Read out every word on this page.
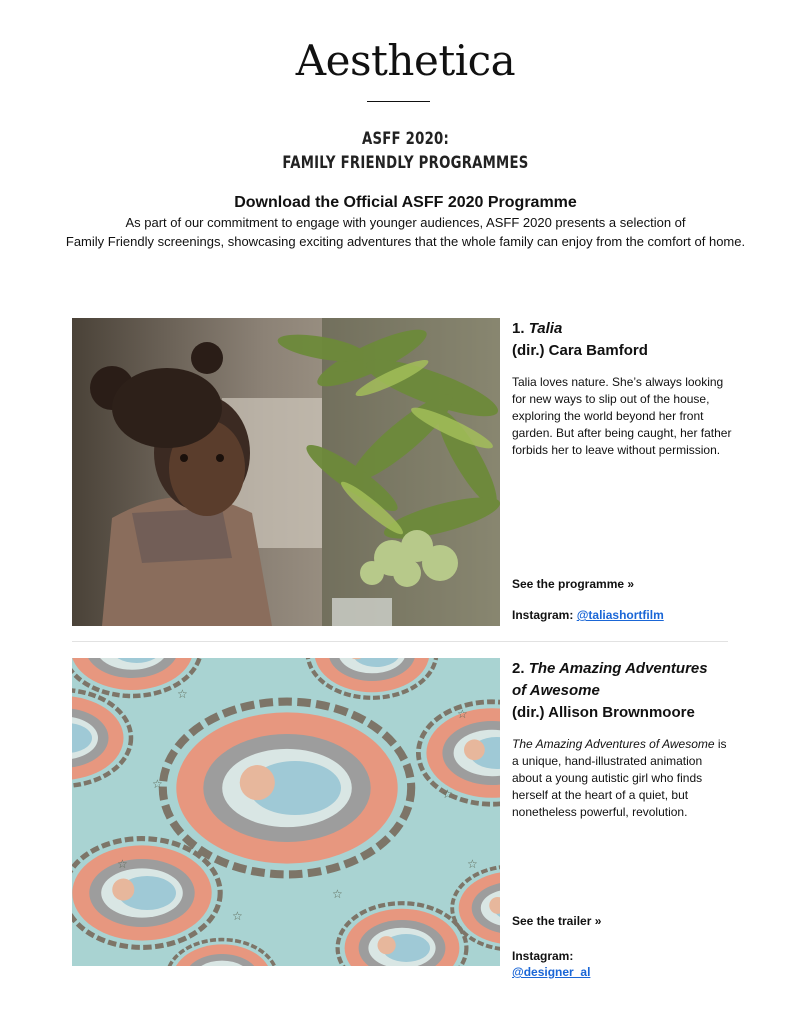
Aesthetica
ASFF 2020:
FAMILY FRIENDLY PROGRAMMES
Download the Official ASFF 2020 Programme
As part of our commitment to engage with younger audiences, ASFF 2020 presents a selection of
Family Friendly screenings, showcasing exciting adventures that the whole family can enjoy from the comfort of home.

1. Talia

(dir.) Cara Bamford

Talia loves nature. She’s always looking for new ways to slip out of the house, exploring the world beyond her front garden. But after being caught, her father forbids her to leave without permission.
See the programme »
Instagram: @taliashortfilm
☆
☆
☆
☆
☆
☆
☆
☆

2. The Amazing Adventures

of Awesome

(dir.) Allison Brownmoore

The Amazing Adventures of Awesome is a unique, hand-illustrated animation about a young autistic girl who finds herself at the heart of a quiet, but nonetheless powerful, revolution.
See the trailer »
Instagram:
@designer_al
